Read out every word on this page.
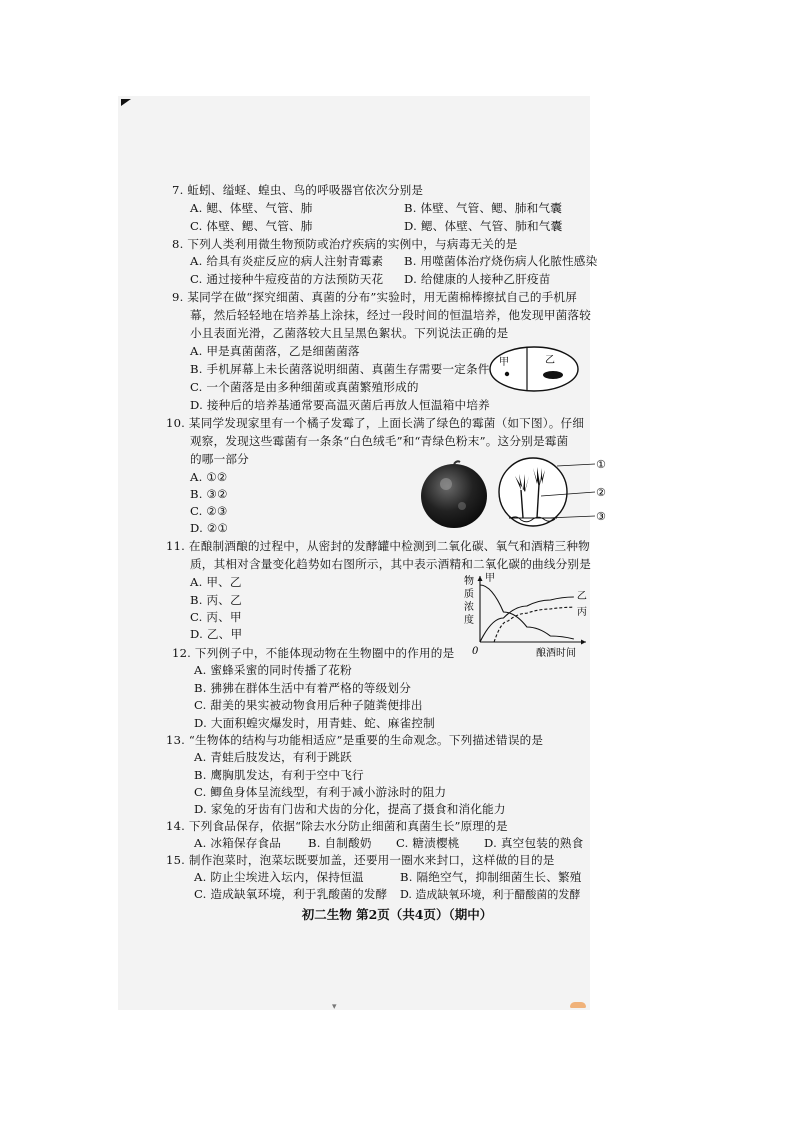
7. 蚯蚓、缢蛏、蝗虫、鸟的呼吸器官依次分别是
A. 鳃、体壁、气管、肺	B. 体壁、气管、鳃、肺和气囊
C. 体壁、鳃、气管、肺	D. 鳃、体壁、气管、肺和气囊
8. 下列人类利用微生物预防或治疗疾病的实例中，与病毒无关的是
A. 给具有炎症反应的病人注射青霉素 B. 用噬菌体治疗烧伤病人化脓性感染
C. 通过接种牛痘疫苗的方法预防天花 D. 给健康的人接种乙肝疫苗
9. 某同学在做“探究细菌、真菌的分布”实验时，用无菌棉棒擦拭自己的手机屏
幕，然后轻轻地在培养基上涂抹，经过一段时间的恒温培养，他发现甲菌落较
小且表面光滑，乙菌落较大且呈黑色絮状。下列说法正确的是
A. 甲是真菌菌落，乙是细菌菌落
B. 手机屏幕上未长菌落说明细菌、真菌生存需要一定条件
C. 一个菌落是由多种细菌或真菌繁殖形成的
D. 接种后的培养基通常要高温灭菌后再放人恒温箱中培养
甲	乙
10. 某同学发现家里有一个橘子发霉了，上面长满了绿色的霉菌（如下图）。仔细
观察，发现这些霉菌有一条条“白色绒毛”和“青绿色粉末”。这分别是霉菌
的哪一部分
A. ①②
B. ③②
C. ②③
D. ②①
①
②
③
11. 在酿制酒酿的过程中，从密封的发酵罐中检测到二氧化碳、氧气和酒精三种物
质，其相对含量变化趋势如右图所示，其中表示酒精和二氧化碳的曲线分别是
A. 甲、乙
B. 丙、乙
C. 丙、甲
D. 乙、甲
甲
乙
丙
物
质
浓
度
0	酿酒时间
12. 下列例子中，不能体现动物在生物圈中的作用的是
A. 蜜蜂采蜜的同时传播了花粉
B. 狒狒在群体生活中有着严格的等级划分
C. 甜美的果实被动物食用后种子随粪便排出
D. 大面积蝗灾爆发时，用青蛙、蛇、麻雀控制
13. “生物体的结构与功能相适应”是重要的生命观念。下列描述错误的是
A. 青蛙后肢发达，有利于跳跃
B. 鹰胸肌发达，有利于空中飞行
C. 鲫鱼身体呈流线型，有利于减小游泳时的阻力
D. 家兔的牙齿有门齿和犬齿的分化，提高了摄食和消化能力
14. 下列食品保存，依据“除去水分防止细菌和真菌生长”原理的是
A. 冰箱保存食品 B. 自制酸奶 C. 糖渍樱桃 D. 真空包装的熟食
15. 制作泡菜时，泡菜坛既要加盖，还要用一圈水来封口，这样做的目的是
A. 防止尘埃进入坛内，保持恒温	B. 隔绝空气，抑制细菌生长、繁殖
C. 造成缺氧环境，利于乳酸菌的发酵 D. 造成缺氧环境，利于醋酸菌的发酵
初二生物 第2页（共4页）（期中）
▾
